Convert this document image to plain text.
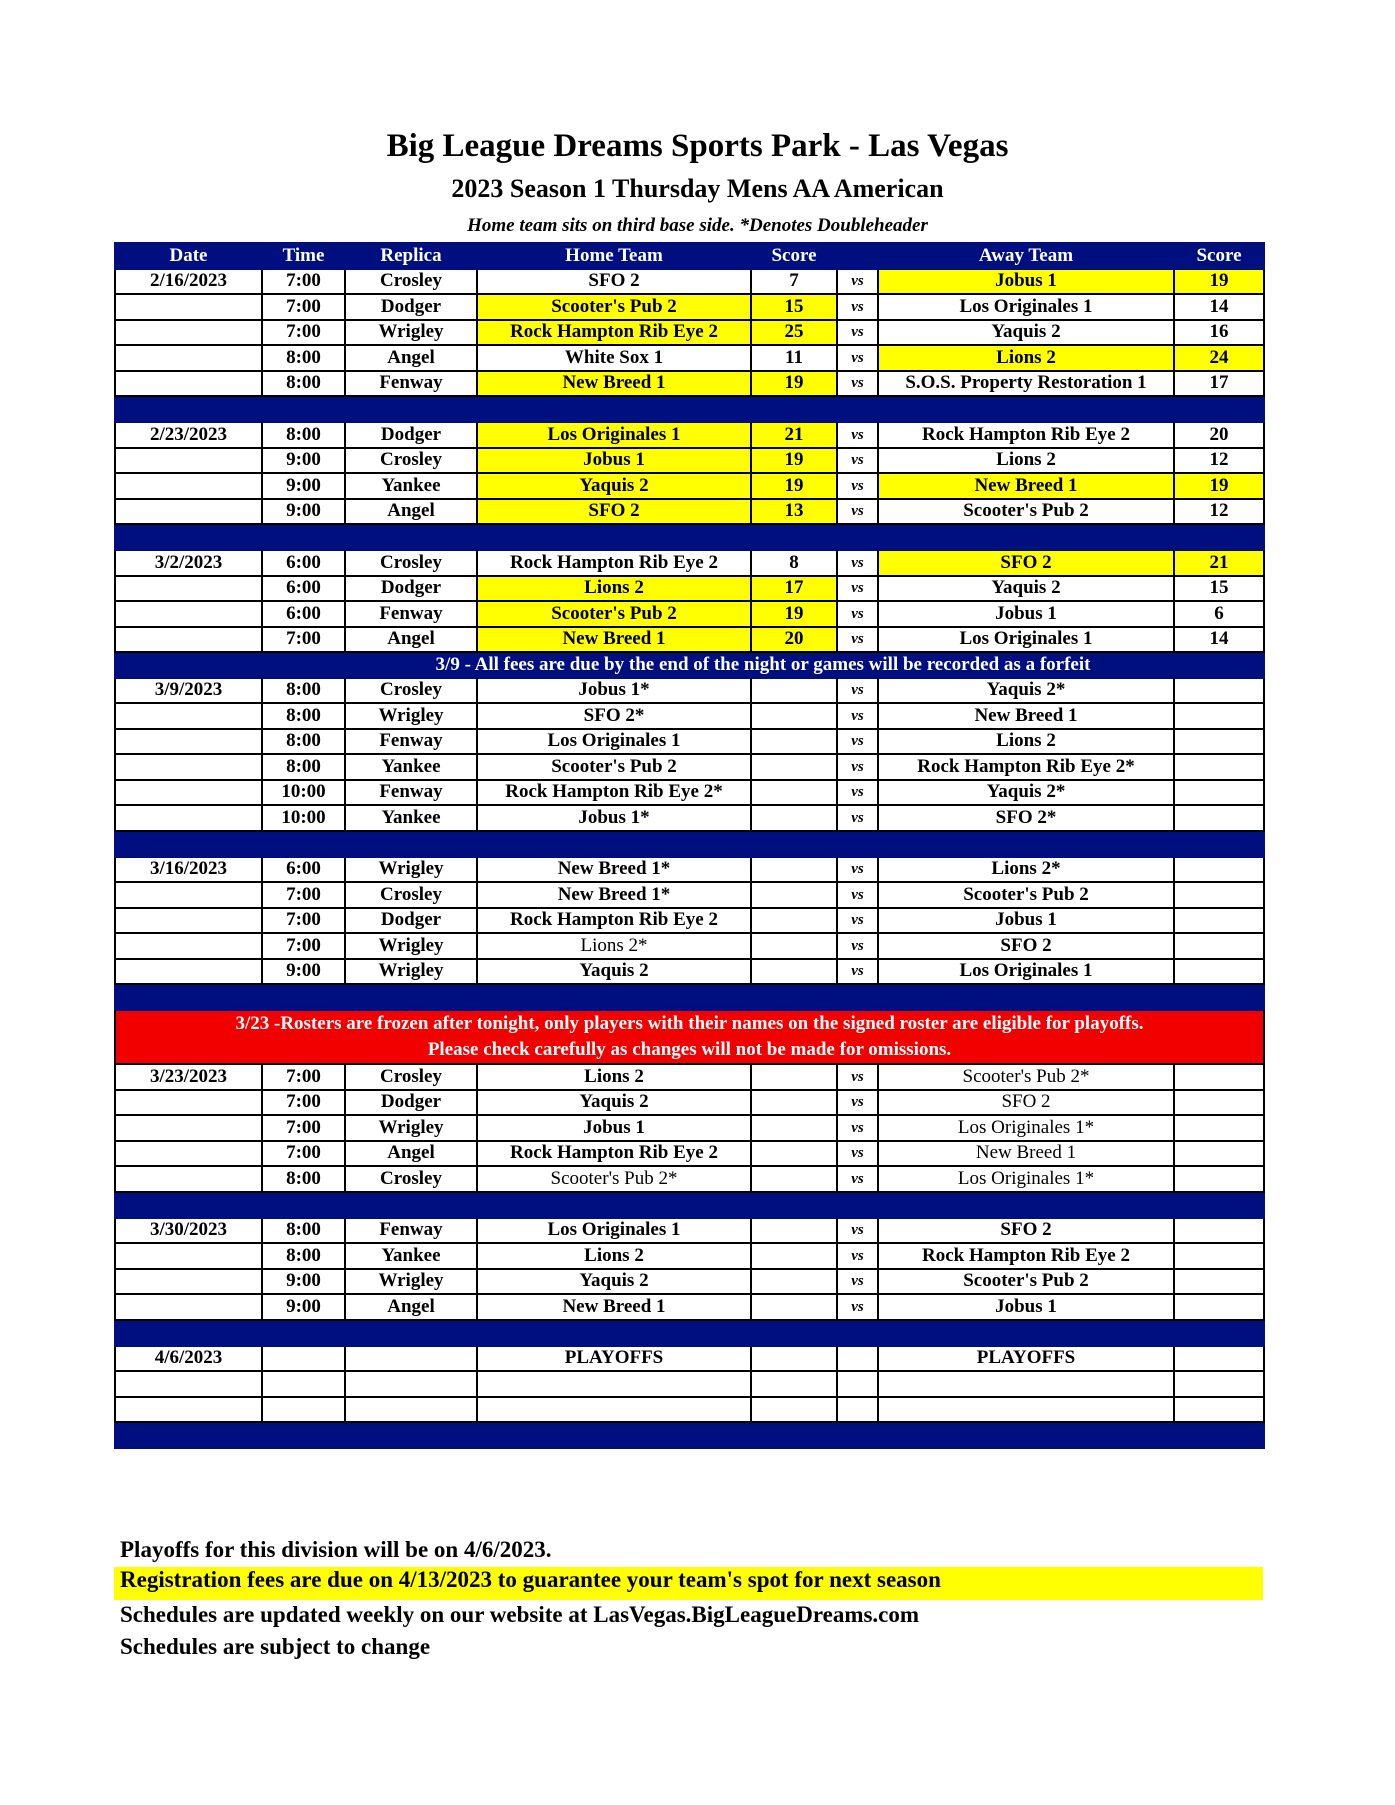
Big League Dreams Sports Park - Las Vegas
2023 Season 1 Thursday Mens AA American
Home team sits on third base side. *Denotes Doubleheader
Date	Time	Replica	Home Team	Score		Away Team	Score
2/16/2023	7:00	Crosley	SFO 2	7	vs	Jobus 1	19
	7:00	Dodger	Scooter's Pub 2	15	vs	Los Originales 1	14
	7:00	Wrigley	Rock Hampton Rib Eye 2	25	vs	Yaquis 2	16
	8:00	Angel	White Sox 1	11	vs	Lions 2	24
	8:00	Fenway	New Breed 1	19	vs	S.O.S. Property Restoration 1	17

2/23/2023	8:00	Dodger	Los Originales 1	21	vs	Rock Hampton Rib Eye 2	20
	9:00	Crosley	Jobus 1	19	vs	Lions 2	12
	9:00	Yankee	Yaquis 2	19	vs	New Breed 1	19
	9:00	Angel	SFO 2	13	vs	Scooter's Pub 2	12

3/2/2023	6:00	Crosley	Rock Hampton Rib Eye 2	8	vs	SFO 2	21
	6:00	Dodger	Lions 2	17	vs	Yaquis 2	15
	6:00	Fenway	Scooter's Pub 2	19	vs	Jobus 1	6
	7:00	Angel	New Breed 1	20	vs	Los Originales 1	14
	3/9 - All fees are due by the end of the night or games will be recorded as a forfeit						
3/9/2023	8:00	Crosley	Jobus 1*		vs	Yaquis 2*	
	8:00	Wrigley	SFO 2*		vs	New Breed 1	
	8:00	Fenway	Los Originales 1		vs	Lions 2	
	8:00	Yankee	Scooter's Pub 2		vs	Rock Hampton Rib Eye 2*	
	10:00	Fenway	Rock Hampton Rib Eye 2*		vs	Yaquis 2*	
	10:00	Yankee	Jobus 1*		vs	SFO 2*	

3/16/2023	6:00	Wrigley	New Breed 1*		vs	Lions 2*	
	7:00	Crosley	New Breed 1*		vs	Scooter's Pub 2	
	7:00	Dodger	Rock Hampton Rib Eye 2		vs	Jobus 1	
	7:00	Wrigley	Lions 2*		vs	SFO 2	
	9:00	Wrigley	Yaquis 2		vs	Los Originales 1	

3/23 -Rosters are frozen after tonight, only players with their names on the signed roster are eligible for playoffs.
Please check carefully as changes will not be made for omissions.							
3/23/2023	7:00	Crosley	Lions 2		vs	Scooter's Pub 2*	
	7:00	Dodger	Yaquis 2		vs	SFO 2	
	7:00	Wrigley	Jobus 1		vs	Los Originales 1*	
	7:00	Angel	Rock Hampton Rib Eye 2		vs	New Breed 1	
	8:00	Crosley	Scooter's Pub 2*		vs	Los Originales 1*	

3/30/2023	8:00	Fenway	Los Originales 1		vs	SFO 2	
	8:00	Yankee	Lions 2		vs	Rock Hampton Rib Eye 2	
	9:00	Wrigley	Yaquis 2		vs	Scooter's Pub 2	
	9:00	Angel	New Breed 1		vs	Jobus 1	

4/6/2023			PLAYOFFS			PLAYOFFS	

Playoffs for this division will be on 4/6/2023.
Registration fees are due on 4/13/2023 to guarantee your team's spot for next season
Schedules are updated weekly on our website at LasVegas.BigLeagueDreams.com
Schedules are subject to change
